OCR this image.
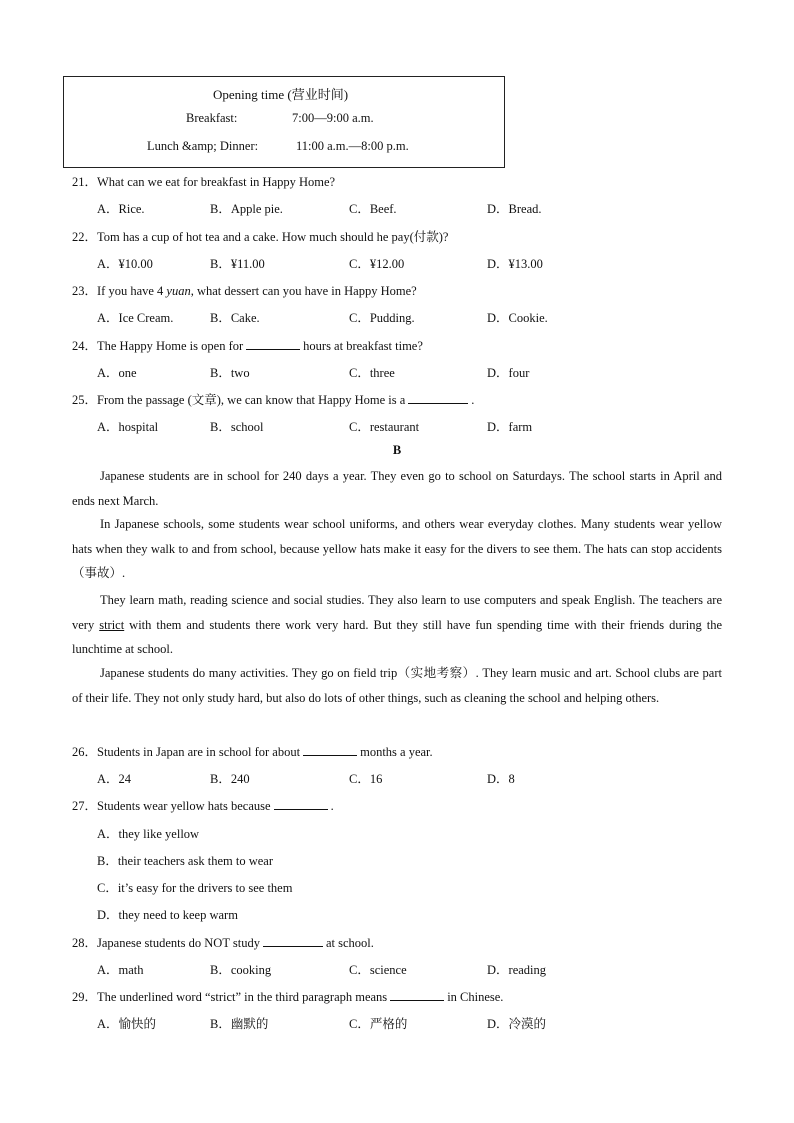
Opening time (营业时间)
Breakfast:	7:00—9:00 a.m.
Lunch &amp; Dinner:	11:00 a.m.—8:00 p.m.
21．What can we eat for breakfast in Happy Home?
A．Rice.	B．Apple pie.	C．Beef.	D．Bread.
22．Tom has a cup of hot tea and a cake. How much should he pay(付款)?
A．¥10.00	B．¥11.00	C．¥12.00	D．¥13.00
23．If you have 4 yuan, what dessert can you have in Happy Home?
A．Ice Cream.	B．Cake.	C．Pudding.	D．Cookie.
24．The Happy Home is open for	hours at breakfast time?
A．one	B．two	C．three	D．four
25．From the passage (文章), we can know that Happy Home is a	.
A．hospital	B．school	C．restaurant	D．farm
B
Japanese students are in school for 240 days a year. They even go to school on Saturdays. The school starts in April and ends next March.
In Japanese schools, some students wear school uniforms, and others wear everyday clothes. Many students wear yellow hats when they walk to and from school, because yellow hats make it easy for the divers to see them. The hats can stop accidents（事故）.
They learn math, reading science and social studies. They also learn to use computers and speak English. The teachers are very strict with them and students there work very hard. But they still have fun spending time with their friends during the lunchtime at school.
Japanese students do many activities. They go on field trip（实地考察）. They learn music and art. School clubs are part of their life. They not only study hard, but also do lots of other things, such as cleaning the school and helping others.
26．Students in Japan are in school for about	months a year.
A．24	B．240	C．16	D．8
27．Students wear yellow hats because	.
A．they like yellow
B．their teachers ask them to wear
C．it’s easy for the drivers to see them
D．they need to keep warm
28．Japanese students do NOT study	at school.
A．math	B．cooking	C．science	D．reading
29．The underlined word “strict” in the third paragraph means	in Chinese.
A．愉快的	B．幽默的	C．严格的	D．冷漠的
